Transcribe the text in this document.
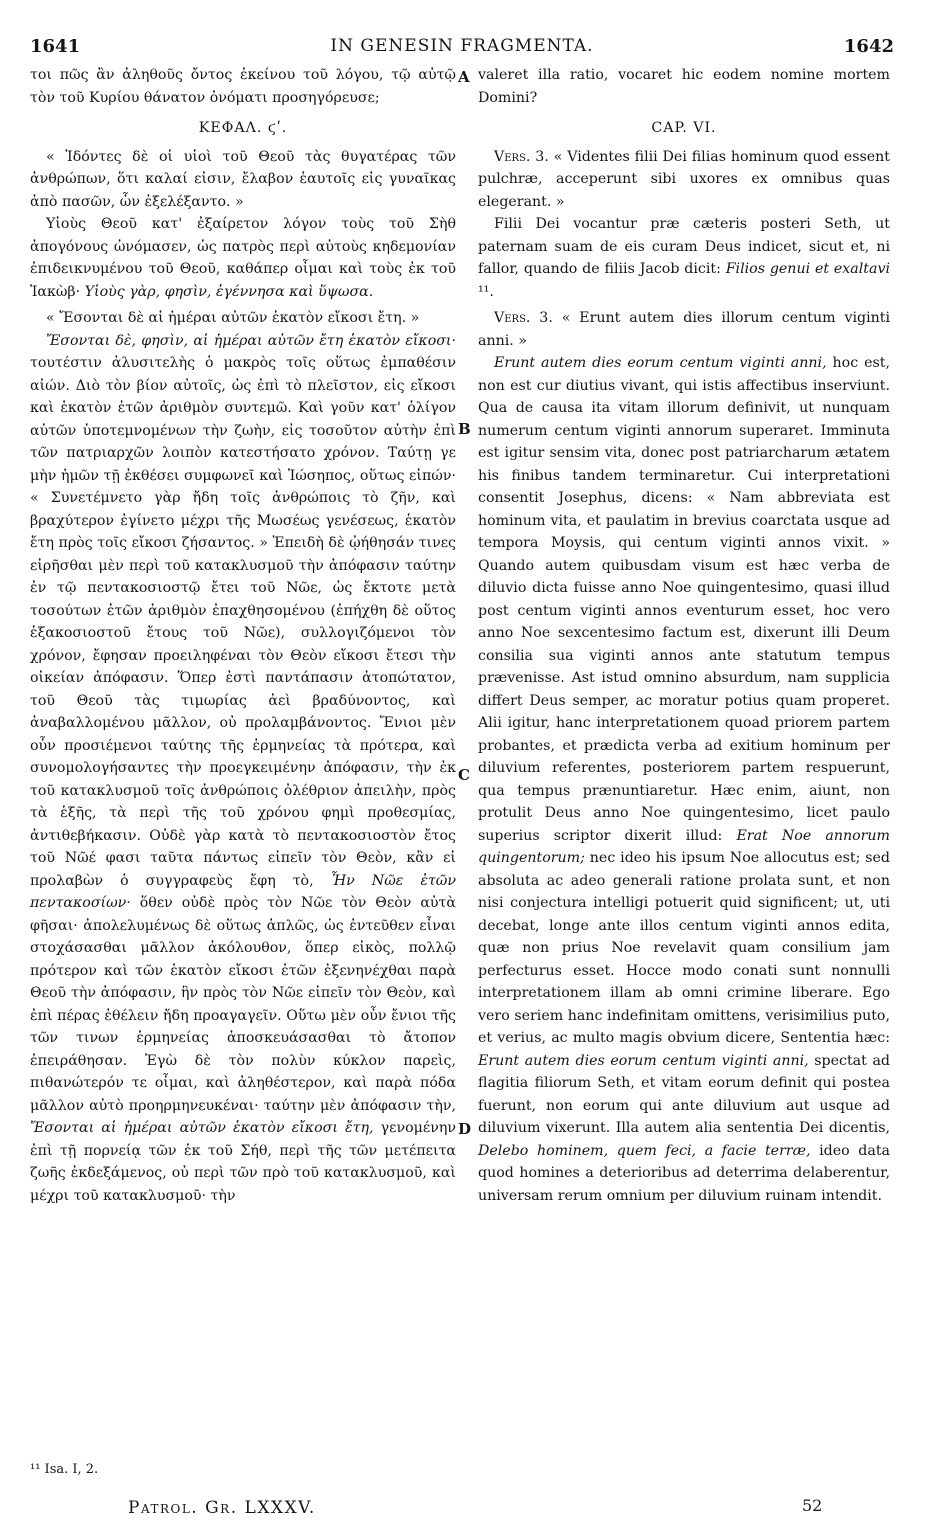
1641	IN GENESIN FRAGMENTA.	1642

τοι πῶς ἂν ἀληθοῦς ὄντος ἐκείνου τοῦ λόγου, τῷ αὐτῷ τὸν τοῦ Κυρίου θάνατον ὀνόματι προσηγόρευσε;

ΚΕΦΑΛ. ϛʹ.

« Ἰδόντες δὲ οἱ υἱοὶ τοῦ Θεοῦ τὰς θυγατέρας τῶν ἀνθρώπων, ὅτι καλαί εἰσιν, ἔλαβον ἑαυτοῖς εἰς γυναῖκας ἀπὸ πασῶν, ὧν ἐξελέξαντο. »

Υἱοὺς Θεοῦ κατ' ἐξαίρετον λόγον τοὺς τοῦ Σὴθ ἀπογόνους ὠνόμασεν, ὡς πατρὸς περὶ αὐτοὺς κηδεμονίαν ἐπιδεικνυμένου τοῦ Θεοῦ, καθάπερ οἶμαι καὶ τοὺς ἐκ τοῦ Ἰακὼβ· Υἱοὺς γὰρ, φησὶν, ἐγέννησα καὶ ὕψωσα.

« Ἔσονται δὲ αἱ ἡμέραι αὐτῶν ἑκατὸν εἴκοσι ἔτη. »

Ἔσονται δὲ, φησὶν, αἱ ἡμέραι αὐτῶν ἔτη ἑκατὸν εἴκοσι· τουτέστιν ἀλυσιτελὴς ὁ μακρὸς τοῖς οὕτως ἐμπαθέσιν αἰών. Διὸ τὸν βίον αὐτοῖς, ὡς ἐπὶ τὸ πλεῖστον, εἰς εἴκοσι καὶ ἑκατὸν ἐτῶν ἀριθμὸν συντεμῶ. Καὶ γοῦν κατ' ὀλίγον αὐτῶν ὑποτεμνομένων τὴν ζωὴν, εἰς τοσοῦτον αὐτὴν ἐπὶ τῶν πατριαρχῶν λοιπὸν κατεστήσατο χρόνον. Ταύτῃ γε μὴν ἡμῶν τῇ ἐκθέσει συμφωνεῖ καὶ Ἰώσηπος, οὕτως εἰπών· « Συνετέμνετο γὰρ ἤδη τοῖς ἀνθρώποις τὸ ζῆν, καὶ βραχύτερον ἐγίνετο μέχρι τῆς Μωσέως γενέσεως, ἑκατὸν ἔτη πρὸς τοῖς εἴκοσι ζήσαντος. » Ἐπειδὴ δὲ ᾠήθησάν τινες εἰρῆσθαι μὲν περὶ τοῦ κατακλυσμοῦ τὴν ἀπόφασιν ταύτην ἐν τῷ πεντακοσιοστῷ ἔτει τοῦ Νῶε, ὡς ἔκτοτε μετὰ τοσούτων ἐτῶν ἀριθμὸν ἐπαχθησομένου (ἐπήχθη δὲ οὕτος ἑξακοσιοστοῦ ἔτους τοῦ Νῶε), συλλογιζόμενοι τὸν χρόνον, ἔφησαν προειληφέναι τὸν Θεὸν εἴκοσι ἔτεσι τὴν οἰκείαν ἀπόφασιν. Ὅπερ ἐστὶ παντάπασιν ἀτοπώτατον, τοῦ Θεοῦ τὰς τιμωρίας ἀεὶ βραδύνοντος, καὶ ἀναβαλλομένου μᾶλλον, οὐ προλαμβάνοντος. Ἔνιοι μὲν οὖν προσιέμενοι ταύτης τῆς ἑρμηνείας τὰ πρότερα, καὶ συνομολογήσαντες τὴν προεγκειμένην ἀπόφασιν, τὴν ἐκ τοῦ κατακλυσμοῦ τοῖς ἀνθρώποις ὀλέθριον ἀπειλὴν, πρὸς τὰ ἑξῆς, τὰ περὶ τῆς τοῦ χρόνου φημὶ προθεσμίας, ἀντιθεβήκασιν. Οὐδὲ γὰρ κατὰ τὸ πεντακοσιοστὸν ἔτος τοῦ Νῶέ φασι ταῦτα πάντως εἰπεῖν τὸν Θεὸν, κἂν εἰ προλαβὼν ὁ συγγραφεὺς ἔφη τὸ, Ἦν Νῶε ἐτῶν πεντακοσίων· ὅθεν οὐδὲ πρὸς τὸν Νῶε τὸν Θεὸν αὐτὰ φῆσαι· ἀπολελυμένως δὲ οὕτως ἁπλῶς, ὡς ἐντεῦθεν εἶναι στοχάσασθαι μᾶλλον ἀκόλουθον, ὅπερ εἰκὸς, πολλῷ πρότερον καὶ τῶν ἑκατὸν εἴκοσι ἐτῶν ἐξενηνέχθαι παρὰ Θεοῦ τὴν ἀπόφασιν, ἣν πρὸς τὸν Νῶε εἰπεῖν τὸν Θεὸν, καὶ ἐπὶ πέρας ἐθέλειν ἤδη προαγαγεῖν. Οὕτω μὲν οὖν ἔνιοι τῆς τῶν τινων ἑρμηνείας ἀποσκευάσασθαι τὸ ἄτοπον ἐπειράθησαν. Ἐγὼ δὲ τὸν πολὺν κύκλον παρεὶς, πιθανώτερόν τε οἶμαι, καὶ ἀληθέστερον, καὶ παρὰ πόδα μᾶλλον αὐτὸ προηρμηνευκέναι· ταύτην μὲν ἀπόφασιν τὴν, Ἔσονται αἱ ἡμέραι αὐτῶν ἑκατὸν εἴκοσι ἔτη, γενομένην ἐπὶ τῇ πορνείᾳ τῶν ἐκ τοῦ Σήθ, περὶ τῆς τῶν μετέπειτα ζωῆς ἐκδεξάμενος, οὐ περὶ τῶν πρὸ τοῦ κατακλυσμοῦ, καὶ μέχρι τοῦ κατακλυσμοῦ· τὴν

A
B
C
D

valeret illa ratio, vocaret hic eodem nomine mortem Domini?

CAP. VI.

Vers. 3. « Videntes filii Dei filias hominum quod essent pulchræ, acceperunt sibi uxores ex omnibus quas elegerant. »

Filii Dei vocantur præ cæteris posteri Seth, ut paternam suam de eis curam Deus indicet, sicut et, ni fallor, quando de filiis Jacob dicit: Filios genui et exaltavi ¹¹.

Vers. 3. « Erunt autem dies illorum centum viginti anni. »

Erunt autem dies eorum centum viginti anni, hoc est, non est cur diutius vivant, qui istis affectibus inserviunt. Qua de causa ita vitam illorum definivit, ut nunquam numerum centum viginti annorum superaret. Imminuta est igitur sensim vita, donec post patriarcharum ætatem his finibus tandem terminaretur. Cui interpretationi consentit Josephus, dicens: « Nam abbreviata est hominum vita, et paulatim in brevius coarctata usque ad tempora Moysis, qui centum viginti annos vixit. » Quando autem quibusdam visum est hæc verba de diluvio dicta fuisse anno Noe quingentesimo, quasi illud post centum viginti annos eventurum esset, hoc vero anno Noe sexcentesimo factum est, dixerunt illi Deum consilia sua viginti annos ante statutum tempus prævenisse. Ast istud omnino absurdum, nam supplicia differt Deus semper, ac moratur potius quam properet. Alii igitur, hanc interpretationem quoad priorem partem probantes, et prædicta verba ad exitium hominum per diluvium referentes, posteriorem partem respuerunt, qua tempus prænuntiaretur. Hæc enim, aiunt, non protulit Deus anno Noe quingentesimo, licet paulo superius scriptor dixerit illud: Erat Noe annorum quingentorum; nec ideo his ipsum Noe allocutus est; sed absoluta ac adeo generali ratione prolata sunt, et non nisi conjectura intelligi potuerit quid significent; ut, uti decebat, longe ante illos centum viginti annos edita, quæ non prius Noe revelavit quam consilium jam perfecturus esset. Hocce modo conati sunt nonnulli interpretationem illam ab omni crimine liberare. Ego vero seriem hanc indefinitam omittens, verisimilius puto, et verius, ac multo magis obvium dicere, Sententia hæc: Erunt autem dies eorum centum viginti anni, spectat ad flagitia filiorum Seth, et vitam eorum definit qui postea fuerunt, non eorum qui ante diluvium aut usque ad diluvium vixerunt. Illa autem alia sententia Dei dicentis, Delebo hominem, quem feci, a facie terræ, ideo data quod homines a deterioribus ad deterrima delaberentur, universam rerum omnium per diluvium ruinam intendit.

¹¹ Isa. I, 2.
Patrol. Gr. LXXXV.	52
